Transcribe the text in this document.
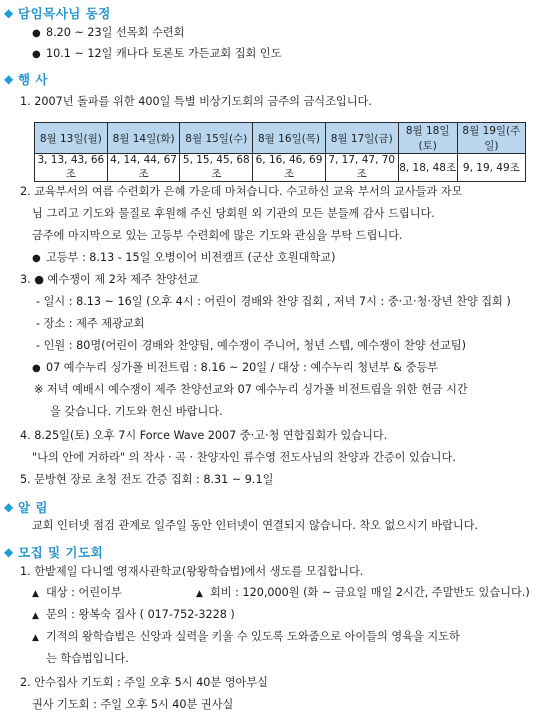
◆ 담임목사님 동정
● 8.20 ~ 23일 선목회 수련회
● 10.1 ~ 12일 캐나다 토론토 가든교회 집회 인도
◆ 행 사
1. 2007년 돌파를 위한 400일 특별 비상기도회의 금주의 금식조입니다.
8월 13일(월)	8월 14일(화)	8월 15일(수)	8월 16일(목)	8월 17일(금)	8월 18일(토)	8월 19일(주일)
3, 13, 43, 66조	4, 14, 44, 67조	5, 15, 45, 68조	6, 16, 46, 69조	7, 17, 47, 70조	8, 18, 48조	9, 19, 49조
2. 교육부서의 여름 수련회가 은혜 가운데 마쳐습니다. 수고하신 교육 부서의 교사들과 자모
님 그리고 기도와 물질로 후원해 주신 당회원 외 기관의 모든 분들께 감사 드립니다.
금주에 마지막으로 있는 고등부 수련회에 많은 기도와 관심을 부탁 드립니다.
● 고등부 : 8.13 - 15일 오병이어 비젼캠프 (군산 호원대학교)
3. ● 예수쟁이 제 2차 제주 찬양선교
- 일시 : 8.13 ~ 16일 (오후 4시 : 어린이 경배와 찬양 집회 , 저녁 7시 : 중·고·청·장년 찬양 집회 )
- 장소 : 제주 제광교회
- 인원 : 80명(어린이 경배와 찬양팀, 예수쟁이 주니어, 청년 스텝, 예수쟁이 찬양 선교팀)
● 07 예수누리 싱가폴 비전트립 : 8.16 ~ 20일 / 대상 : 예수누리 청년부 & 중등부
※ 저녁 예배시 예수쟁이 제주 찬양선교와 07 예수누리 싱가폴 비전트립을 위한 헌금 시간
을 갖습니다. 기도와 헌신 바랍니다.
4. 8.25일(토) 오후 7시 Force Wave 2007 중·고·청 연합집회가 있습니다.
"나의 안에 거하라" 의 작사 · 곡 · 찬양자인 류수영 전도사님의 찬양과 간증이 있습니다.
5. 문방현 장로 초청 전도 간증 집회 : 8.31 ~ 9.1일
◆ 알 림
교회 인터넷 점검 관계로 일주일 동안 인터넷이 연결되지 않습니다. 착오 없으시기 바랍니다.
◆ 모집 및 기도회
1. 한밭제일 다니엘 영재사관학교(왕왕학습법)에서 생도를 모집합니다.
▲ 대상 : 어린이부	▲ 회비 : 120,000원 (화 ~ 금요일 매일 2시간, 주말반도 있습니다.)
▲ 문의 : 왕복숙 집사 ( 017-752-3228 )
▲ 기적의 왕학습법은 신앙과 실력을 키울 수 있도록 도와줌으로 아이들의 영육을 지도하
는 학습법입니다.
2. 안수집사 기도회 : 주일 오후 5시 40분 영아부실
권사 기도회 : 주일 오후 5시 40분 권사실
